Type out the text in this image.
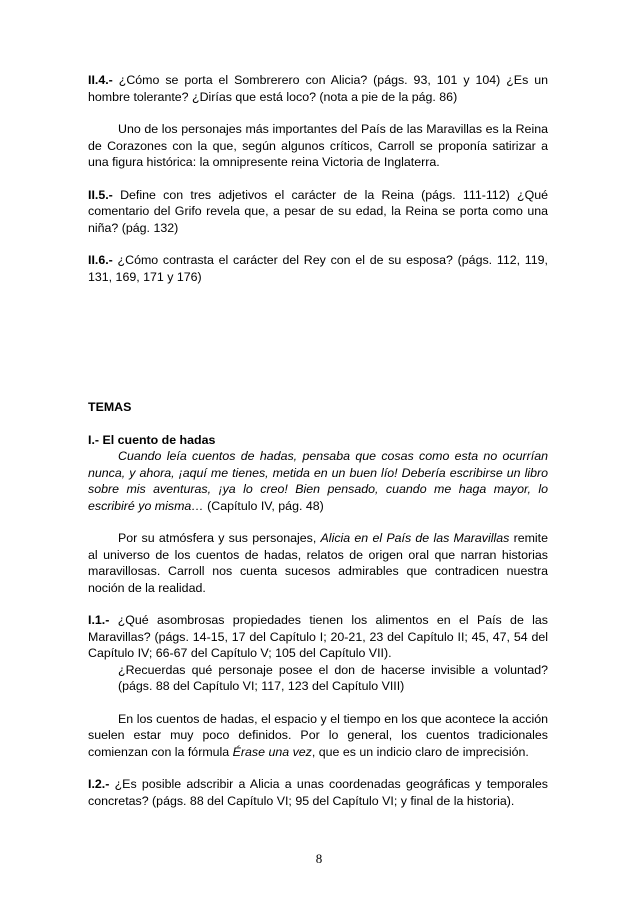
II.4.- ¿Cómo se porta el Sombrerero con Alicia? (págs. 93, 101 y 104) ¿Es un hombre tolerante? ¿Dirías que está loco? (nota a pie de la pág. 86)

Uno de los personajes más importantes del País de las Maravillas es la Reina de Corazones con la que, según algunos críticos, Carroll se proponía satirizar a una figura histórica: la omnipresente reina Victoria de Inglaterra.

II.5.- Define con tres adjetivos el carácter de la Reina (págs. 111-112) ¿Qué comentario del Grifo revela que, a pesar de su edad, la Reina se porta como una niña? (pág. 132)

II.6.- ¿Cómo contrasta el carácter del Rey con el de su esposa? (págs. 112, 119, 131, 169, 171 y 176)

TEMAS

I.- El cuento de hadas

Cuando leía cuentos de hadas, pensaba que cosas como esta no ocurrían nunca, y ahora, ¡aquí me tienes, metida en un buen lío! Debería escribirse un libro sobre mis aventuras, ¡ya lo creo! Bien pensado, cuando me haga mayor, lo escribiré yo misma… (Capítulo IV, pág. 48)

Por su atmósfera y sus personajes, Alicia en el País de las Maravillas remite al universo de los cuentos de hadas, relatos de origen oral que narran historias maravillosas. Carroll nos cuenta sucesos admirables que contradicen nuestra noción de la realidad.

I.1.- ¿Qué asombrosas propiedades tienen los alimentos en el País de las Maravillas? (págs. 14-15, 17 del Capítulo I; 20-21, 23 del Capítulo II; 45, 47, 54 del Capítulo IV; 66-67 del Capítulo V; 105 del Capítulo VII).

¿Recuerdas qué personaje posee el don de hacerse invisible a voluntad? (págs. 88 del Capítulo VI; 117, 123 del Capítulo VIII)

En los cuentos de hadas, el espacio y el tiempo en los que acontece la acción suelen estar muy poco definidos. Por lo general, los cuentos tradicionales comienzan con la fórmula Érase una vez, que es un indicio claro de imprecisión.

I.2.- ¿Es posible adscribir a Alicia a unas coordenadas geográficas y temporales concretas? (págs. 88 del Capítulo VI; 95 del Capítulo VI; y final de la historia).

8
